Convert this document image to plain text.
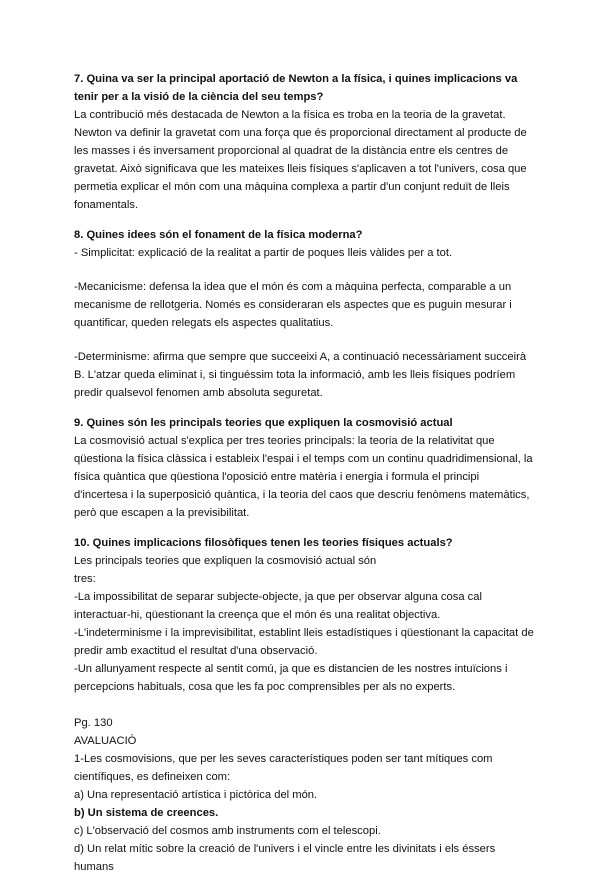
7. Quina va ser la principal aportació de Newton a la física, i quines implicacions va tenir per a la visió de la ciència del seu temps?

La contribució més destacada de Newton a la física es troba en la teoria de la gravetat. Newton va definir la gravetat com una força que és proporcional directament al producte de les masses i és inversament proporcional al quadrat de la distància entre els centres de gravetat. Això significava que les mateixes lleis físiques s'aplicaven a tot l'univers, cosa que permetia explicar el món com una màquina complexa a partir d'un conjunt reduït de lleis fonamentals.

8. Quines idees són el fonament de la física moderna?

- Simplicitat: explicació de la realitat a partir de poques lleis vàlides per a tot.

-Mecanicisme: defensa la idea que el món és com a màquina perfecta, comparable a un mecanisme de rellotgeria. Només es consideraran els aspectes que es puguin mesurar i quantificar, queden relegats els aspectes qualitatius.

-Determinisme: afirma que sempre que succeeixi A, a continuació necessàriament succeirà B. L'atzar queda eliminat i, si tinguéssim tota la informació, amb les lleis físiques podríem predir qualsevol fenomen amb absoluta seguretat.

9. Quines són les principals teories que expliquen la cosmovisió actual

La cosmovisió actual s'explica per tres teories principals: la teoria de la relativitat que qüestiona la física clàssica i estableix l'espai i el temps com un continu quadridimensional, la física quàntica que qüestiona l'oposició entre matèria i energia i formula el principi d'incertesa i la superposició quàntica, i la teoria del caos que descriu fenòmens matemàtics, però que escapen a la previsibilitat.

10. Quines implicacions filosòfiques tenen les teories físiques actuals?

Les principals teories que expliquen la cosmovisió actual són

tres:

-La impossibilitat de separar subjecte-objecte, ja que per observar alguna cosa cal interactuar-hi, qüestionant la creença que el món és una realitat objectiva.

-L'indeterminisme i la imprevisibilitat, establint lleis estadístiques i qüestionant la capacitat de predir amb exactitud el resultat d'una observació.

-Un allunyament respecte al sentit comú, ja que es distancien de les nostres intuïcions i percepcions habituals, cosa que les fa poc comprensibles per als no experts.

Pg. 130

AVALUACIÓ

1-Les cosmovisions, que per les seves característiques poden ser tant mítiques com científiques, es defineixen com:

a) Una representació artística i pictòrica del món.

b) Un sistema de creences.

c) L'observació del cosmos amb instruments com el telescopi.

d) Un relat mític sobre la creació de l'univers i el vincle entre les divinitats i els éssers humans
